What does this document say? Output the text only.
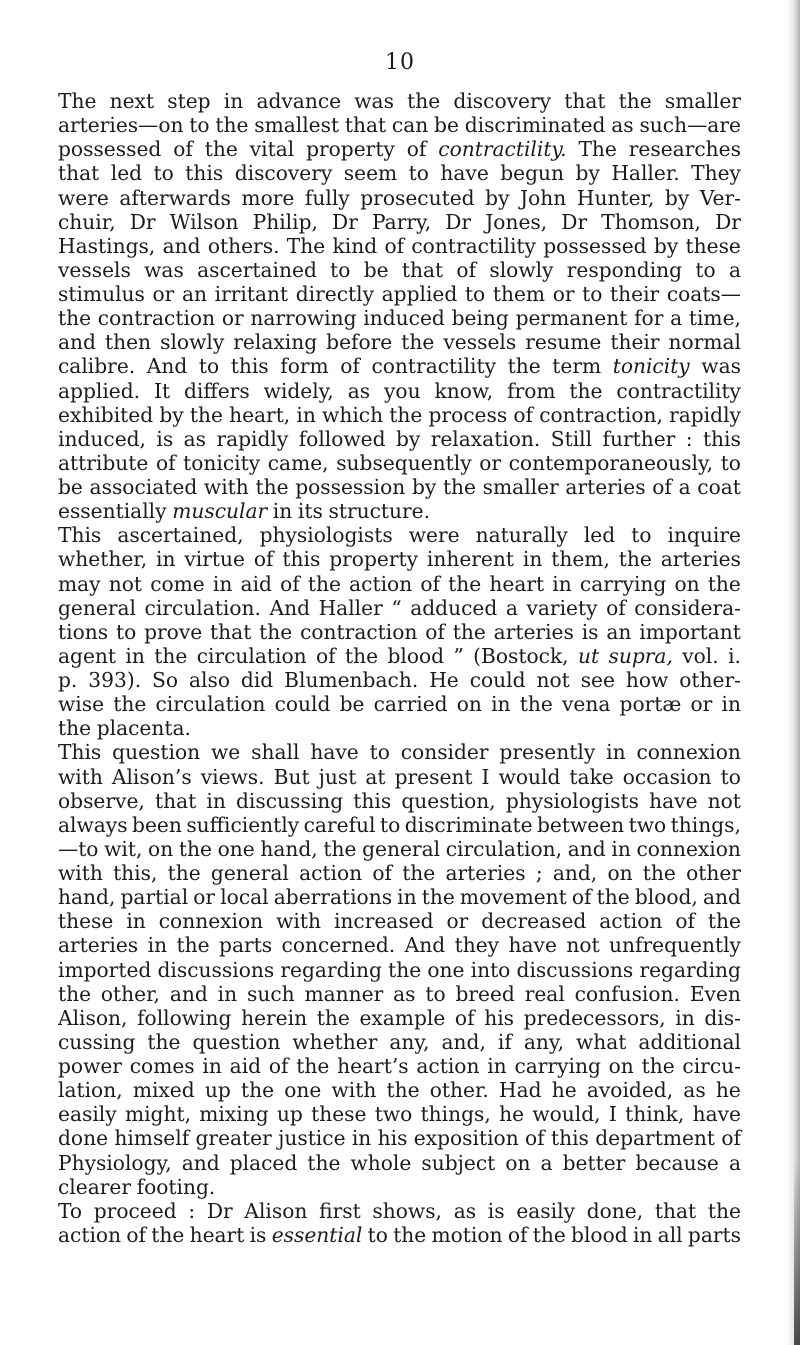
10
The next step in advance was the discovery that the smaller
arteries—on to the smallest that can be discriminated as such—are
possessed of the vital property of contractility. The researches
that led to this discovery seem to have begun by Haller. They
were afterwards more fully prosecuted by John Hunter, by Ver-
chuir, Dr Wilson Philip, Dr Parry, Dr Jones, Dr Thomson, Dr
Hastings, and others. The kind of contractility possessed by these
vessels was ascertained to be that of slowly responding to a
stimulus or an irritant directly applied to them or to their coats—
the contraction or narrowing induced being permanent for a time,
and then slowly relaxing before the vessels resume their normal
calibre. And to this form of contractility the term tonicity was
applied. It differs widely, as you know, from the contractility
exhibited by the heart, in which the process of contraction, rapidly
induced, is as rapidly followed by relaxation. Still further : this
attribute of tonicity came, subsequently or contemporaneously, to
be associated with the possession by the smaller arteries of a coat
essentially muscular in its structure.
This ascertained, physiologists were naturally led to inquire
whether, in virtue of this property inherent in them, the arteries
may not come in aid of the action of the heart in carrying on the
general circulation. And Haller “ adduced a variety of considera-
tions to prove that the contraction of the arteries is an important
agent in the circulation of the blood ” (Bostock, ut supra, vol. i.
p. 393). So also did Blumenbach. He could not see how other-
wise the circulation could be carried on in the vena portæ or in
the placenta.
This question we shall have to consider presently in connexion
with Alison’s views. But just at present I would take occasion to
observe, that in discussing this question, physiologists have not
always been sufficiently careful to discriminate between two things,
—to wit, on the one hand, the general circulation, and in connexion
with this, the general action of the arteries ; and, on the other
hand, partial or local aberrations in the movement of the blood, and
these in connexion with increased or decreased action of the
arteries in the parts concerned. And they have not unfrequently
imported discussions regarding the one into discussions regarding
the other, and in such manner as to breed real confusion. Even
Alison, following herein the example of his predecessors, in dis-
cussing the question whether any, and, if any, what additional
power comes in aid of the heart’s action in carrying on the circu-
lation, mixed up the one with the other. Had he avoided, as he
easily might, mixing up these two things, he would, I think, have
done himself greater justice in his exposition of this department of
Physiology, and placed the whole subject on a better because a
clearer footing.
To proceed : Dr Alison first shows, as is easily done, that the
action of the heart is essential to the motion of the blood in all parts
